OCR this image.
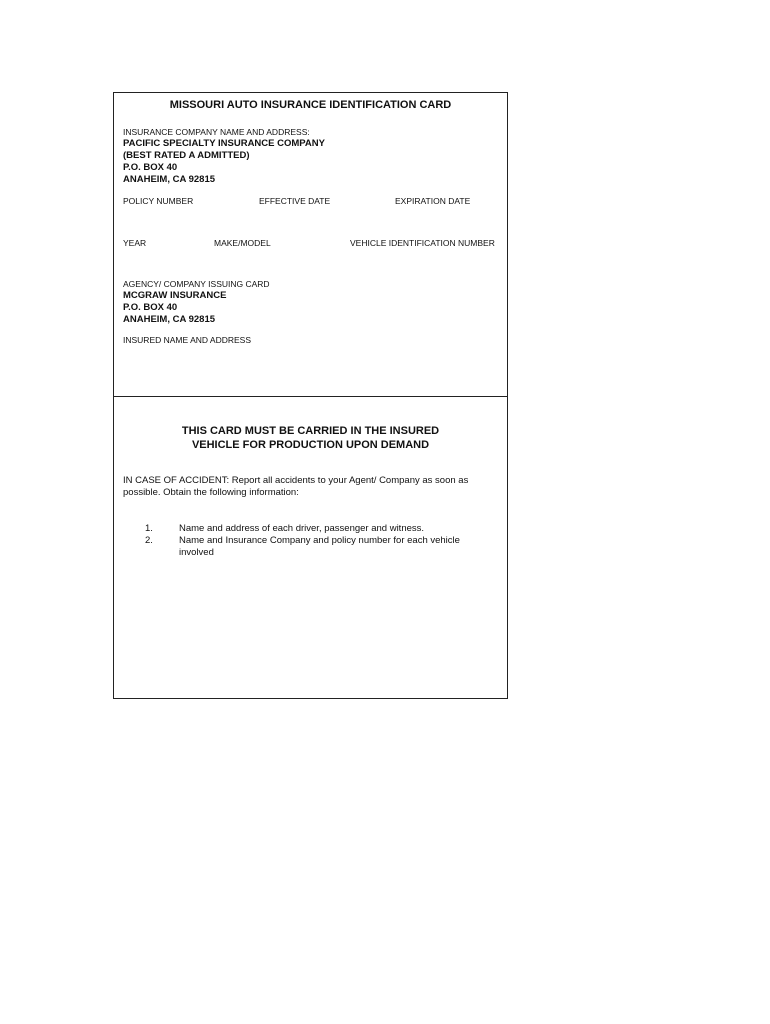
MISSOURI AUTO INSURANCE IDENTIFICATION CARD
INSURANCE COMPANY NAME AND ADDRESS:
PACIFIC SPECIALTY INSURANCE COMPANY
(BEST RATED A ADMITTED)
P.O. BOX 40
ANAHEIM, CA 92815
POLICY NUMBER	EFFECTIVE DATE	EXPIRATION DATE
YEAR	MAKE/MODEL	VEHICLE IDENTIFICATION NUMBER
AGENCY/ COMPANY ISSUING CARD
MCGRAW INSURANCE
P.O. BOX 40
ANAHEIM, CA 92815
INSURED NAME AND ADDRESS
THIS CARD MUST BE CARRIED IN THE INSURED
VEHICLE FOR PRODUCTION UPON DEMAND
IN CASE OF ACCIDENT: Report all accidents to your Agent/ Company as soon as possible. Obtain the following information:
1.	Name and address of each driver, passenger and witness.
2.	Name and Insurance Company and policy number for each vehicle involved
